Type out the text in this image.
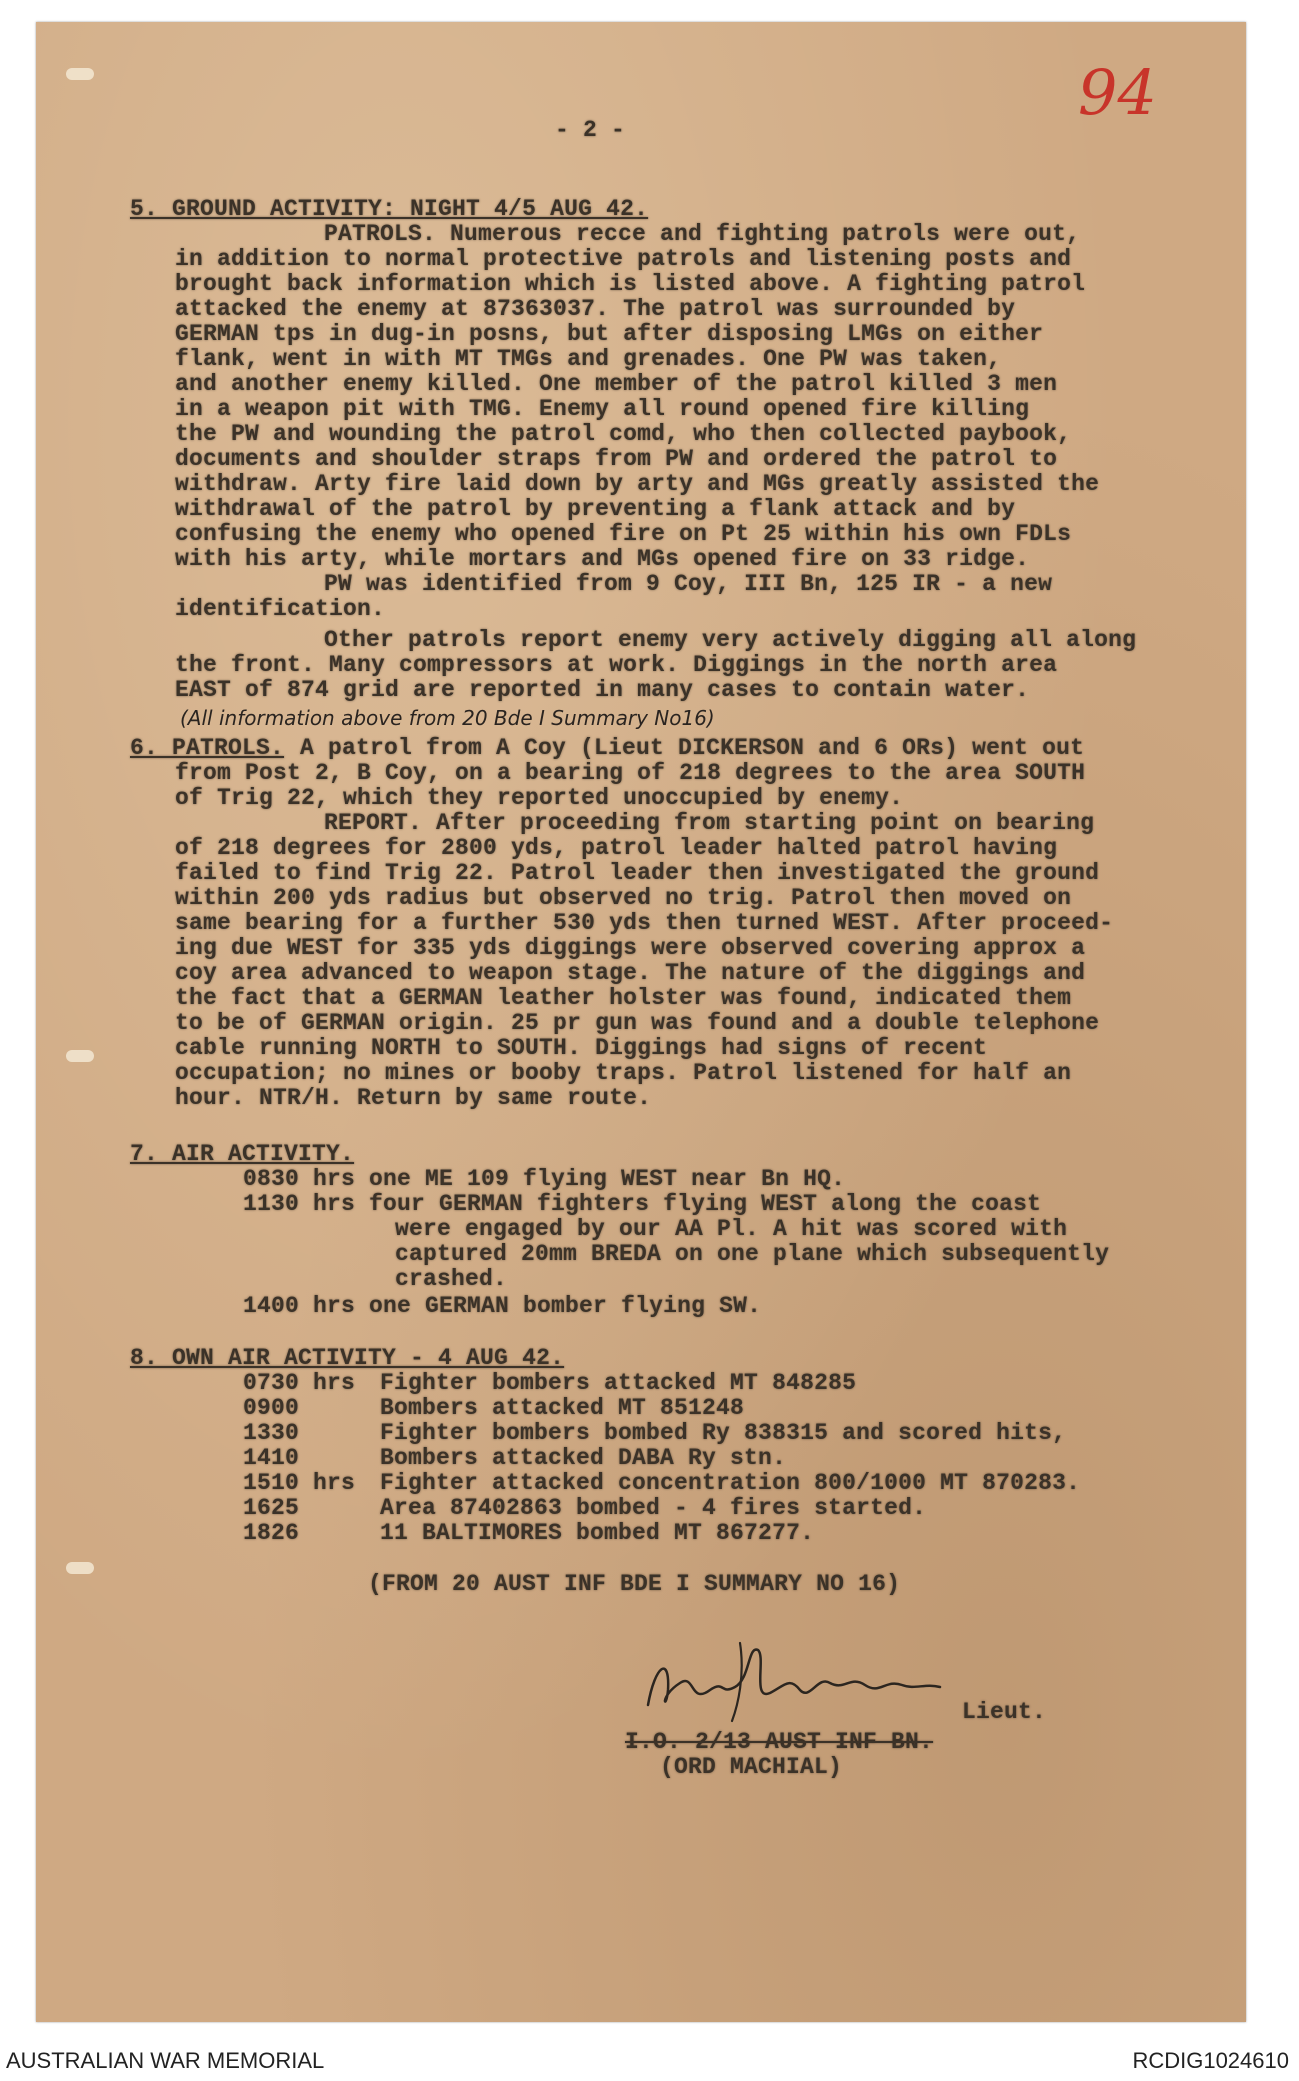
94
- 2 -
5. GROUND ACTIVITY: NIGHT 4/5 AUG 42.
PATROLS. Numerous recce and fighting patrols were out,
in addition to normal protective patrols and listening posts and
brought back information which is listed above. A fighting patrol
attacked the enemy at 87363037. The patrol was surrounded by
GERMAN tps in dug-in posns, but after disposing LMGs on either
flank, went in with MT TMGs and grenades. One PW was taken,
and another enemy killed. One member of the patrol killed 3 men
in a weapon pit with TMG. Enemy all round opened fire killing
the PW and wounding the patrol comd, who then collected paybook,
documents and shoulder straps from PW and ordered the patrol to
withdraw. Arty fire laid down by arty and MGs greatly assisted the
withdrawal of the patrol by preventing a flank attack and by
confusing the enemy who opened fire on Pt 25 within his own FDLs
with his arty, while mortars and MGs opened fire on 33 ridge.
PW was identified from 9 Coy, III Bn, 125 IR - a new
identification.
Other patrols report enemy very actively digging all along
the front. Many compressors at work. Diggings in the north area
EAST of 874 grid are reported in many cases to contain water.
(All information above from 20 Bde I Summary No16)
6. PATROLS. A patrol from A Coy (Lieut DICKERSON and 6 ORs) went out
from Post 2, B Coy, on a bearing of 218 degrees to the area SOUTH
of Trig 22, which they reported unoccupied by enemy.
REPORT. After proceeding from starting point on bearing
of 218 degrees for 2800 yds, patrol leader halted patrol having
failed to find Trig 22. Patrol leader then investigated the ground
within 200 yds radius but observed no trig. Patrol then moved on
same bearing for a further 530 yds then turned WEST. After proceed-
ing due WEST for 335 yds diggings were observed covering approx a
coy area advanced to weapon stage. The nature of the diggings and
the fact that a GERMAN leather holster was found, indicated them
to be of GERMAN origin. 25 pr gun was found and a double telephone
cable running NORTH to SOUTH. Diggings had signs of recent
occupation; no mines or booby traps. Patrol listened for half an
hour. NTR/H. Return by same route.
7. AIR ACTIVITY.
0830 hrs one ME 109 flying WEST near Bn HQ.
1130 hrs four GERMAN fighters flying WEST along the coast
were engaged by our AA Pl. A hit was scored with
captured 20mm BREDA on one plane which subsequently
crashed.
1400 hrs one GERMAN bomber flying SW.
8. OWN AIR ACTIVITY - 4 AUG 42.
0730 hrs Fighter bombers attacked MT 848285
0900	Bombers attacked MT 851248
1330	Fighter bombers bombed Ry 838315 and scored hits,
1410	Bombers attacked DABA Ry stn.
1510 hrs Fighter attacked concentration 800/1000 MT 870283.
1625	Area 87402863 bombed - 4 fires started.
1826	11 BALTIMORES bombed MT 867277.
(FROM 20 AUST INF BDE I SUMMARY NO 16)
Lieut.
I.O. 2/13 AUST INF BN.
(ORD MACHIAL)
AUSTRALIAN WAR MEMORIAL	RCDIG1024610
